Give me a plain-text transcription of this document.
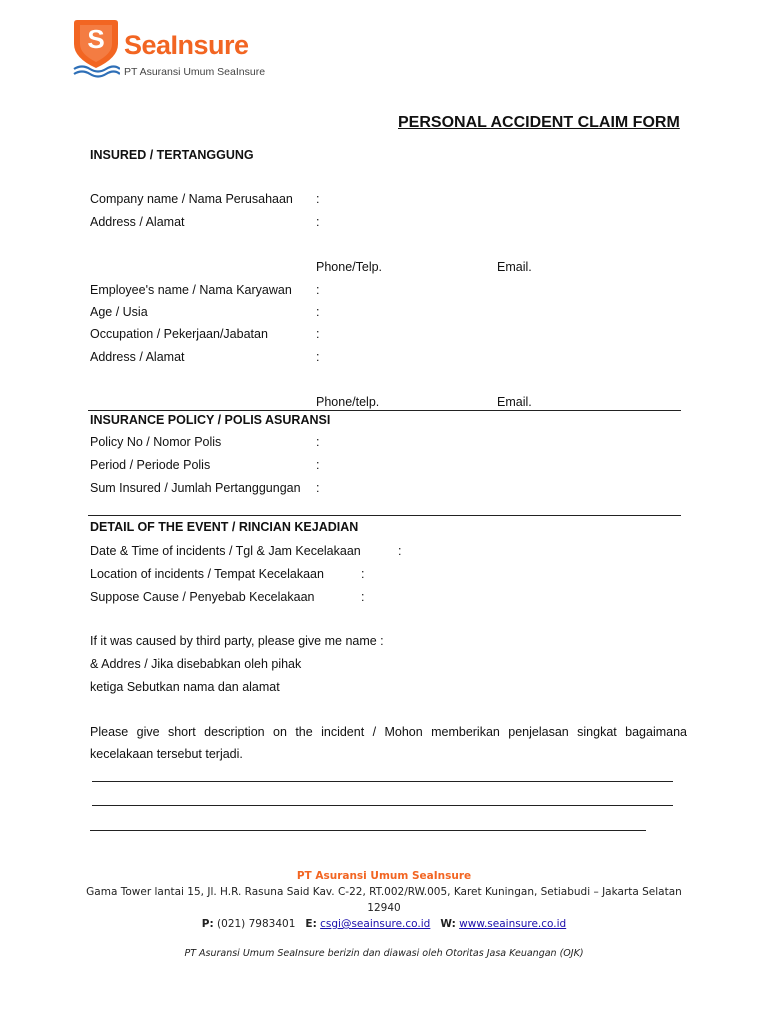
S SeaInsure
PT Asuransi Umum SeaInsure
PERSONAL ACCIDENT CLAIM FORM
INSURED / TERTANGGUNG
Company name / Nama Perusahaan :
Address / Alamat	:
Phone/Telp.	Email.
Employee's name / Nama Karyawan :
Age / Usia	:
Occupation / Pekerjaan/Jabatan	:
Address / Alamat	:
Phone/telp.	Email.
INSURANCE POLICY / POLIS ASURANSI
Policy No / Nomor Polis	:
Period / Periode Polis	:
Sum Insured / Jumlah Pertanggungan :
DETAIL OF THE EVENT / RINCIAN KEJADIAN
Date & Time of incidents / Tgl & Jam Kecelakaan	:
Location of incidents / Tempat Kecelakaan	:
Suppose Cause / Penyebab Kecelakaan	:
If it was caused by third party, please give me name :
& Addres / Jika disebabkan oleh pihak
ketiga Sebutkan nama dan alamat
Please give short description on the incident / Mohon memberikan penjelasan singkat bagaimana
kecelakaan tersebut terjadi.
PT Asuransi Umum SeaInsure
Gama Tower lantai 15, Jl. H.R. Rasuna Said Kav. C-22, RT.002/RW.005, Karet Kuningan, Setiabudi – Jakarta Selatan
12940
P: (021) 7983401 E: csgi@seainsure.co.id W: www.seainsure.co.id
PT Asuransi Umum SeaInsure berizin dan diawasi oleh Otoritas Jasa Keuangan (OJK)
